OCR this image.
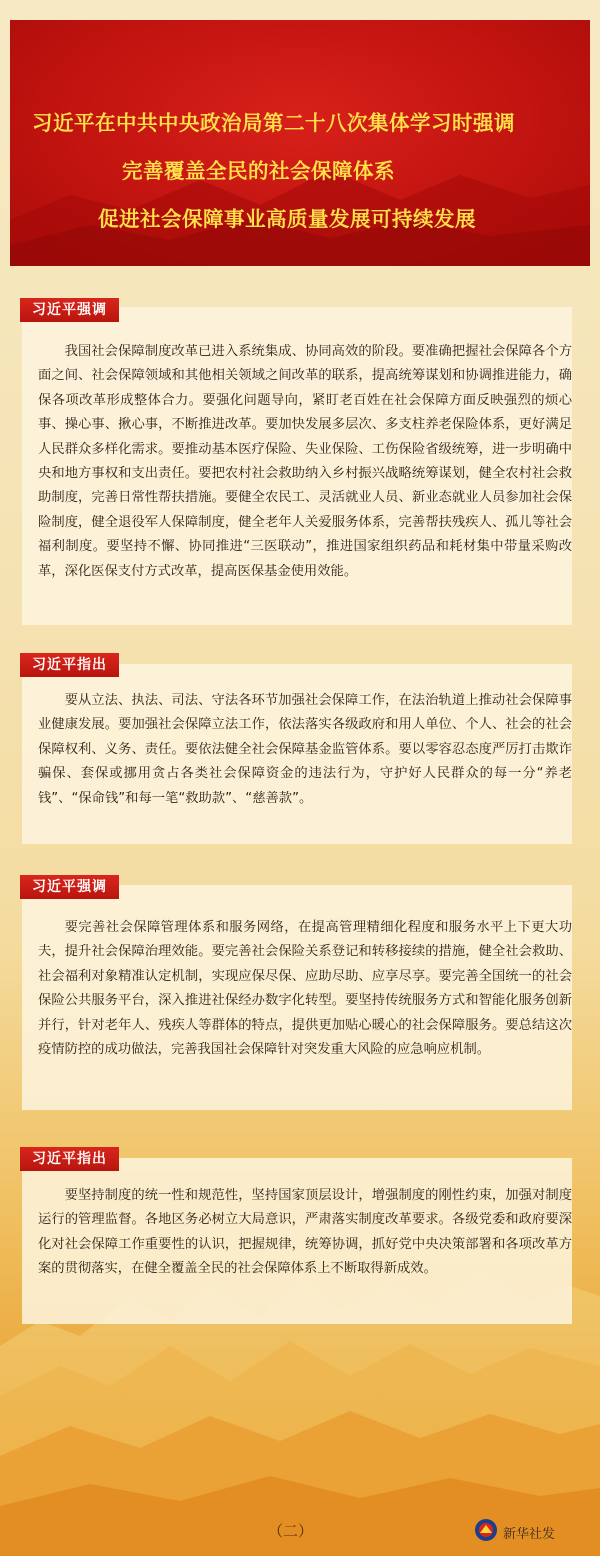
习近平在中共中央政治局第二十八次集体学习时强调
完善覆盖全民的社会保障体系
促进社会保障事业高质量发展可持续发展
习近平强调

我国社会保障制度改革已进入系统集成、协同高效的阶段。要准确把握社会保障各个方面之间、社会保障领域和其他相关领域之间改革的联系，提高统筹谋划和协调推进能力，确保各项改革形成整体合力。要强化问题导向，紧盯老百姓在社会保障方面反映强烈的烦心事、操心事、揪心事，不断推进改革。要加快发展多层次、多支柱养老保险体系，更好满足人民群众多样化需求。要推动基本医疗保险、失业保险、工伤保险省级统筹，进一步明确中央和地方事权和支出责任。要把农村社会救助纳入乡村振兴战略统筹谋划，健全农村社会救助制度，完善日常性帮扶措施。要健全农民工、灵活就业人员、新业态就业人员参加社会保险制度，健全退役军人保障制度，健全老年人关爱服务体系，完善帮扶残疾人、孤儿等社会福利制度。要坚持不懈、协同推进“三医联动”，推进国家组织药品和耗材集中带量采购改革，深化医保支付方式改革，提高医保基金使用效能。

习近平指出

要从立法、执法、司法、守法各环节加强社会保障工作，在法治轨道上推动社会保障事业健康发展。要加强社会保障立法工作，依法落实各级政府和用人单位、个人、社会的社会保障权利、义务、责任。要依法健全社会保障基金监管体系。要以零容忍态度严厉打击欺诈骗保、套保或挪用贪占各类社会保障资金的违法行为，守护好人民群众的每一分“养老钱”、“保命钱”和每一笔“救助款”、“慈善款”。

习近平强调

要完善社会保障管理体系和服务网络，在提高管理精细化程度和服务水平上下更大功夫，提升社会保障治理效能。要完善社会保险关系登记和转移接续的措施，健全社会救助、社会福利对象精准认定机制，实现应保尽保、应助尽助、应享尽享。要完善全国统一的社会保险公共服务平台，深入推进社保经办数字化转型。要坚持传统服务方式和智能化服务创新并行，针对老年人、残疾人等群体的特点，提供更加贴心暖心的社会保障服务。要总结这次疫情防控的成功做法，完善我国社会保障针对突发重大风险的应急响应机制。

习近平指出

要坚持制度的统一性和规范性，坚持国家顶层设计，增强制度的刚性约束，加强对制度运行的管理监督。各地区务必树立大局意识，严肃落实制度改革要求。各级党委和政府要深化对社会保障工作重要性的认识，把握规律，统筹协调，抓好党中央决策部署和各项改革方案的贯彻落实，在健全覆盖全民的社会保障体系上不断取得新成效。

（二）	新华社发
